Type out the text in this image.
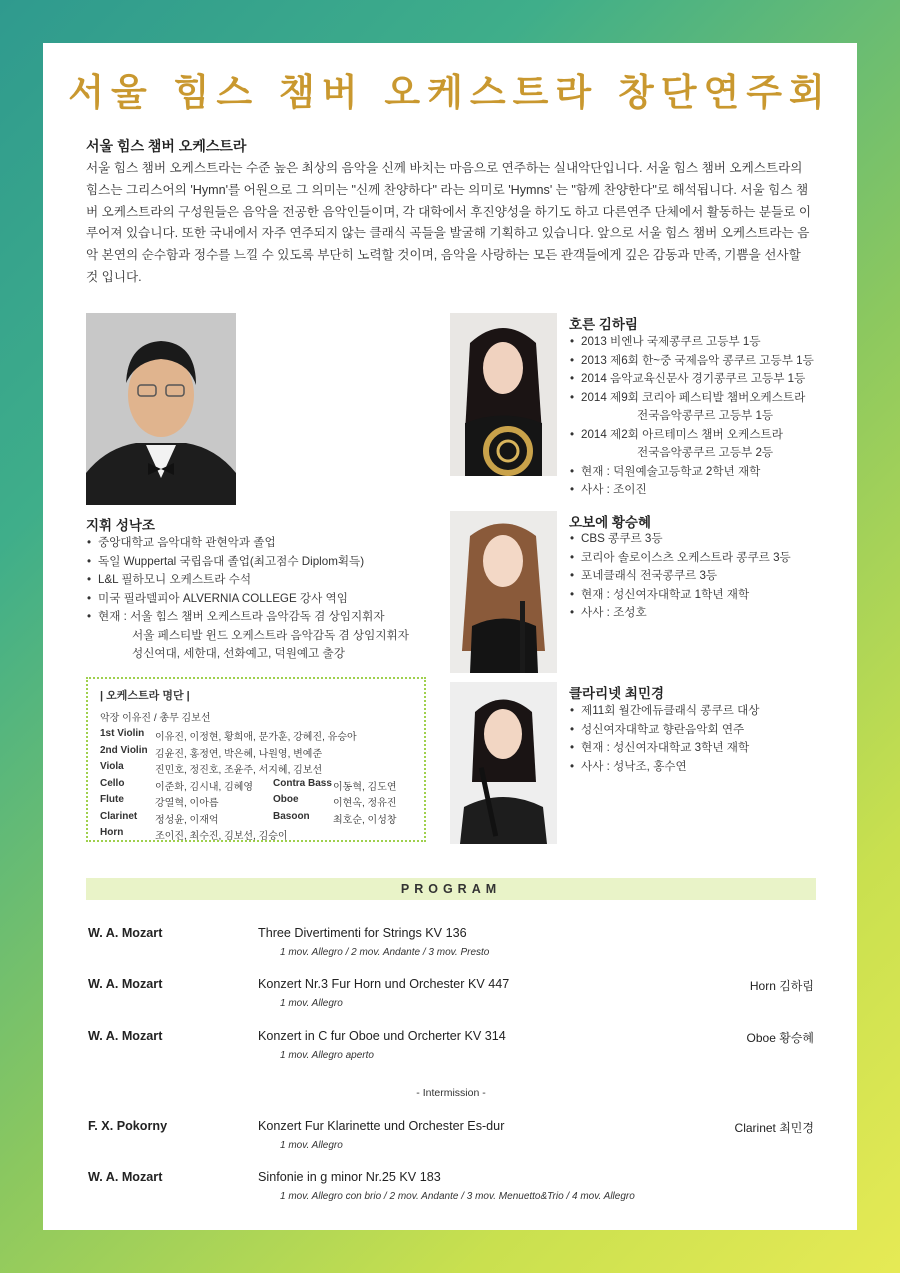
서울 힘스 챔버 오케스트라 창단연주회
서울 힘스 챔버 오케스트라

서울 힘스 챔버 오케스트라는 수준 높은 최상의 음악을 신께 바치는 마음으로 연주하는 실내악단입니다. 서울 힘스 챔버 오케스트라의 힘스는 그리스어의 'Hymn'를 어원으로 그 의미는 "신께 찬양하다" 라는 의미로 'Hymns' 는 "함께 찬양한다"로 해석됩니다. 서울 힘스 챔버 오케스트라의 구성원들은 음악을 전공한 음악인들이며, 각 대학에서 후진양성을 하기도 하고 다른연주 단체에서 활동하는 분들로 이루어져 있습니다. 또한 국내에서 자주 연주되지 않는 클래식 곡들을 발굴해 기획하고 있습니다. 앞으로 서울 힘스 챔버 오케스트라는 음악 본연의 순수함과 정수를 느낄 수 있도록 부단히 노력할 것이며, 음악을 사랑하는 모든 관객들에게 깊은 감동과 만족, 기쁨을 선사할 것 입니다.

지휘 성낙조
• 중앙대학교 음악대학 관현악과 졸업
• 독일 Wuppertal 국립음대 졸업(최고점수 Diplom획득)
• L&L 필하모니 오케스트라 수석
• 미국 필라델피아 ALVERNIA COLLEGE 강사 역임
• 현재 : 서울 힘스 챔버 오케스트라 음악감독 겸 상임지휘자
서울 페스티발 윈드 오케스트라 음악감독 겸 상임지휘자
성신여대, 세한대, 선화예고, 덕원예고 출강
| 오케스트라 명단 |

악장 이유진 / 총무 김보선

1st Violin	이유진, 이정현, 황희애, 문가훈, 강혜진, 유승아		
2nd Violin	김윤진, 홍정연, 박은혜, 나원영, 변예준		
Viola	진민호, 정진호, 조윤주, 서지혜, 김보선		
Cello	이준화, 김시내, 김혜영	Contra Bass	이동혁, 김도연
Flute	강열혁, 이아름	Oboe	이현옥, 정유진
Clarinet	정성윤, 이재억	Basoon	최호순, 이성창
Horn	조이진, 최수진, 김보선, 김승이		
호른 김하림
• 2013 비엔나 국제콩쿠르 고등부 1등
• 2013 제6회 한~중 국제음악 콩쿠르 고등부 1등
• 2014 음악교육신문사 경기콩쿠르 고등부 1등
• 2014 제9회 코리아 페스티발 챔버오케스트라
전국음악콩쿠르 고등부 1등
• 2014 제2회 아르테미스 챔버 오케스트라
전국음악콩쿠르 고등부 2등
• 현재 : 덕원예술고등학교 2학년 재학
• 사사 : 조이진
오보에 황승혜
• CBS 콩쿠르 3등
• 코리아 솔로이스츠 오케스트라 콩쿠르 3등
• 포네클래식 전국콩쿠르 3등
• 현재 : 성신여자대학교 1학년 재학
• 사사 : 조성호
클라리넷 최민경
• 제11회 월간에듀클래식 콩쿠르 대상
• 성신여자대학교 향란음악회 연주
• 현재 : 성신여자대학교 3학년 재학
• 사사 : 성낙조, 홍수연
PROGRAM
W. A. Mozart	Three Divertimenti for Strings KV 136
1 mov. Allegro / 2 mov. Andante / 3 mov. Presto
W. A. Mozart	Konzert Nr.3 Fur Horn und Orchester KV 447
1 mov. Allegro
Horn 김하림
W. A. Mozart	Konzert in C fur Oboe und Orcherter KV 314
1 mov. Allegro aperto
Oboe 황승혜
F. X. Pokorny	Konzert Fur Klarinette und Orchester Es-dur
1 mov. Allegro
Clarinet 최민경
W. A. Mozart	Sinfonie in g minor Nr.25 KV 183
1 mov. Allegro con brio / 2 mov. Andante / 3 mov. Menuetto&Trio / 4 mov. Allegro
- Intermission -
